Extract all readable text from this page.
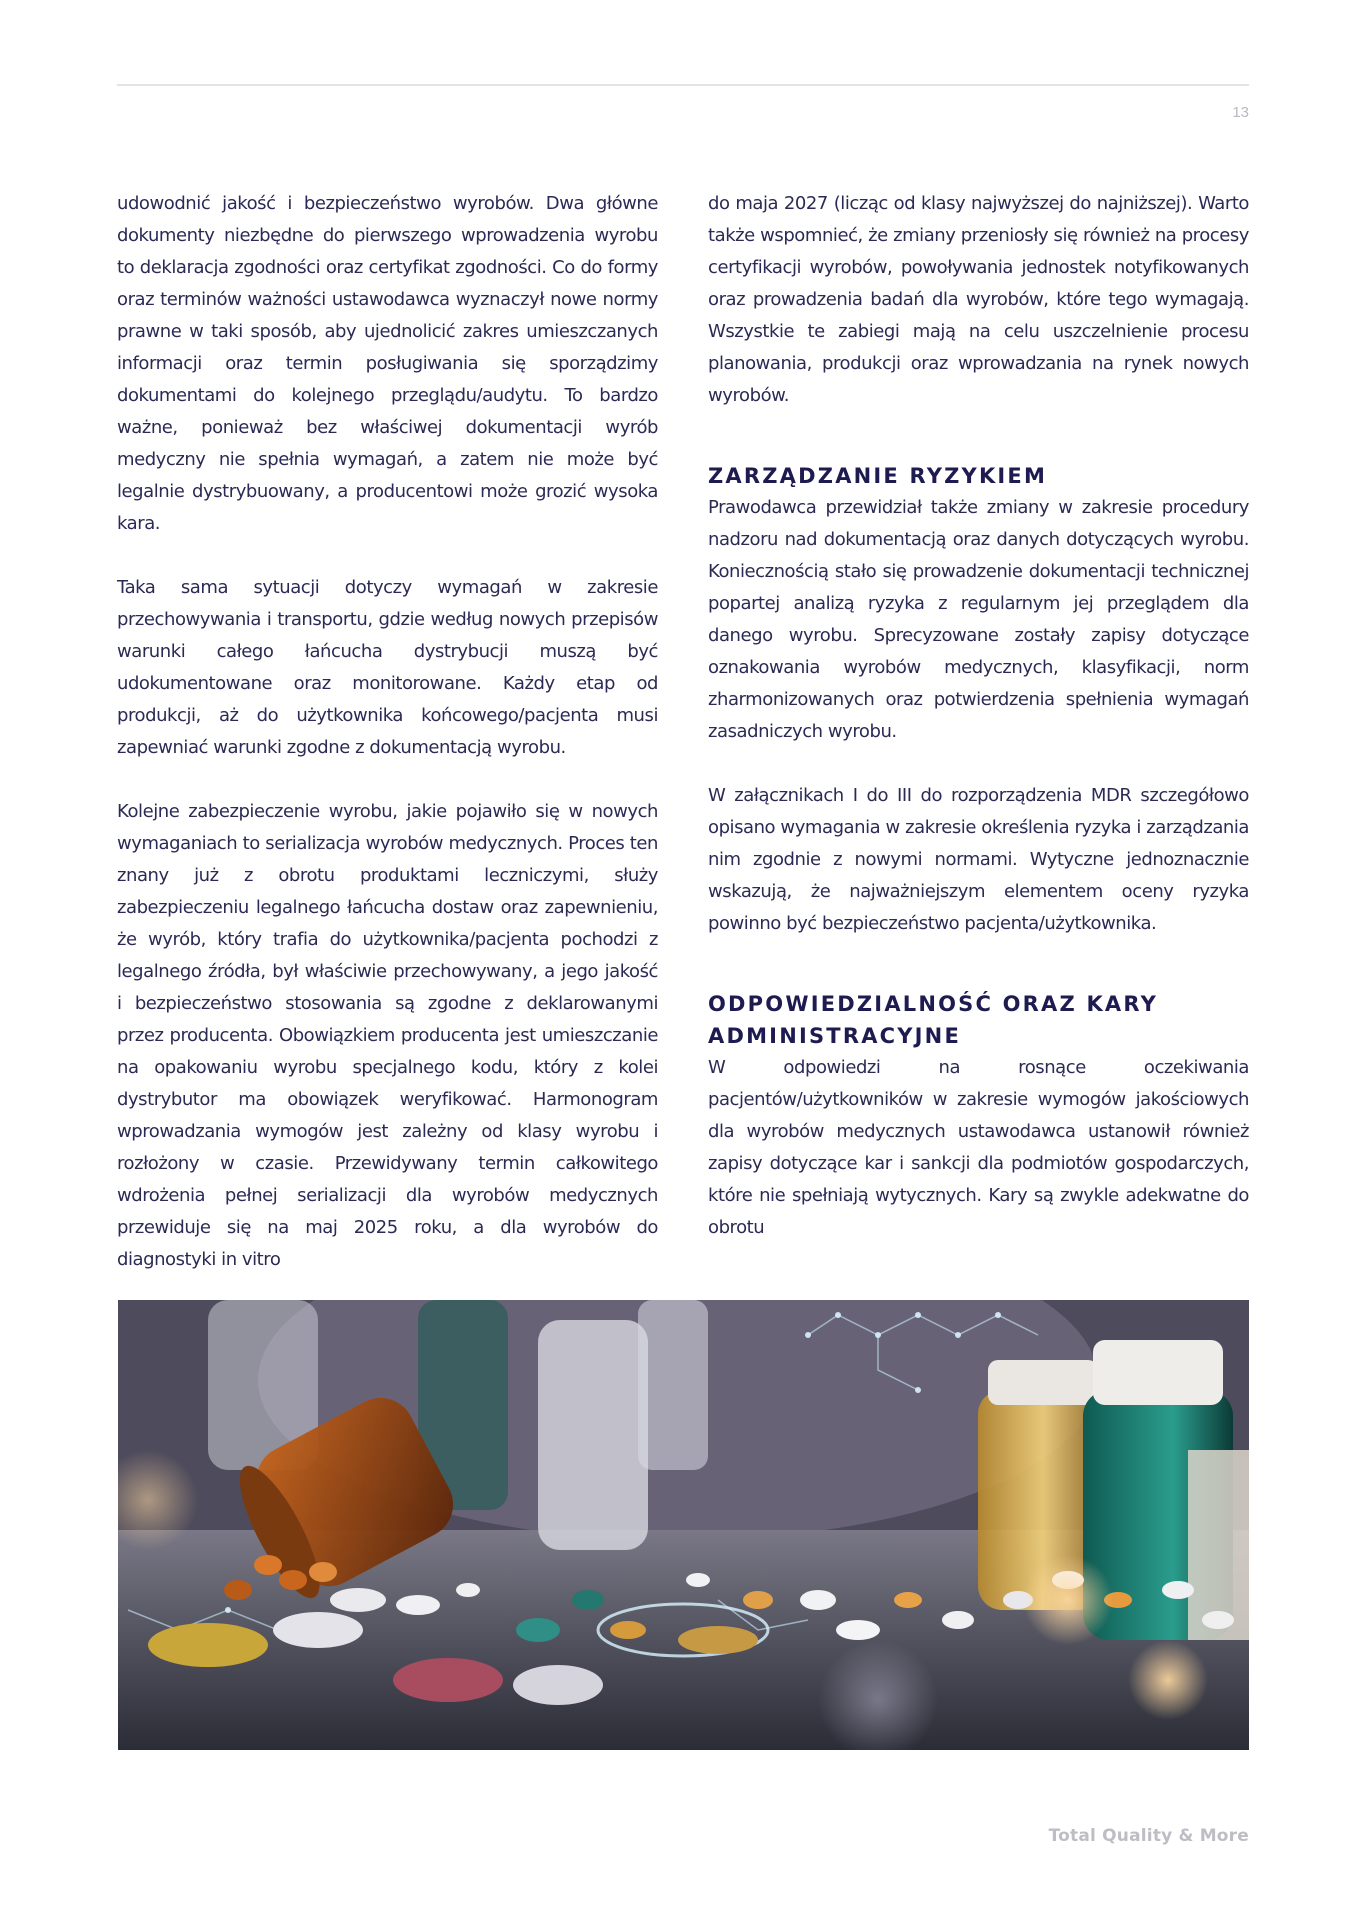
13

udowodnić jakość i bezpieczeństwo wyrobów. Dwa główne dokumenty niezbędne do pierwszego wprowadzenia wyrobu to deklaracja zgodności oraz certyfikat zgodności. Co do formy oraz terminów ważności ustawodawca wyznaczył nowe normy prawne w taki sposób, aby ujednolicić zakres umieszczanych informacji oraz termin posługiwania się sporządzimy dokumentami do kolejnego przeglądu/audytu. To bardzo ważne, ponieważ bez właściwej dokumentacji wyrób medyczny nie spełnia wymagań, a zatem nie może być legalnie dystrybuowany, a producentowi może grozić wysoka kara.

Taka sama sytuacji dotyczy wymagań w zakresie przechowywania i transportu, gdzie według nowych przepisów warunki całego łańcucha dystrybucji muszą być udokumentowane oraz monitorowane. Każdy etap od produkcji, aż do użytkownika końcowego/pacjenta musi zapewniać warunki zgodne z dokumentacją wyrobu.

Kolejne zabezpieczenie wyrobu, jakie pojawiło się w nowych wymaganiach to serializacja wyrobów medycznych. Proces ten znany już z obrotu produktami leczniczymi, służy zabezpieczeniu legalnego łańcucha dostaw oraz zapewnieniu, że wyrób, który trafia do użytkownika/pacjenta pochodzi z legalnego źródła, był właściwie przechowywany, a jego jakość i bezpieczeństwo stosowania są zgodne z deklarowanymi przez producenta. Obowiązkiem producenta jest umieszczanie na opakowaniu wyrobu specjalnego kodu, który z kolei dystrybutor ma obowiązek weryfikować. Harmonogram wprowadzania wymogów jest zależny od klasy wyrobu i rozłożony w czasie. Przewidywany termin całkowitego wdrożenia pełnej serializacji dla wyrobów medycznych przewiduje się na maj 2025 roku, a dla wyrobów do diagnostyki in vitro

do maja 2027 (licząc od klasy najwyższej do najniższej). Warto także wspomnieć, że zmiany przeniosły się również na procesy certyfikacji wyrobów, powoływania jednostek notyfikowanych oraz prowadzenia badań dla wyrobów, które tego wymagają. Wszystkie te zabiegi mają na celu uszczelnienie procesu planowania, produkcji oraz wprowadzania na rynek nowych wyrobów.

ZARZĄDZANIE RYZYKIEM

Prawodawca przewidział także zmiany w zakresie procedury nadzoru nad dokumentacją oraz danych dotyczących wyrobu. Koniecznością stało się prowadzenie dokumentacji technicznej popartej analizą ryzyka z regularnym jej przeglądem dla danego wyrobu. Sprecyzowane zostały zapisy dotyczące oznakowania wyrobów medycznych, klasyfikacji, norm zharmonizowanych oraz potwierdzenia spełnienia wymagań zasadniczych wyrobu.

W załącznikach I do III do rozporządzenia MDR szczegółowo opisano wymagania w zakresie określenia ryzyka i zarządzania nim zgodnie z nowymi normami. Wytyczne jednoznacznie wskazują, że najważniejszym elementem oceny ryzyka powinno być bezpieczeństwo pacjenta/użytkownika.

ODPOWIEDZIALNOŚĆ ORAZ KARY ADMINISTRACYJNE

W odpowiedzi na rosnące oczekiwania pacjentów/użytkowników w zakresie wymogów jakościowych dla wyrobów medycznych ustawodawca ustanowił również zapisy dotyczące kar i sankcji dla podmiotów gospodarczych, które nie spełniają wytycznych. Kary są zwykle adekwatne do obrotu

Total Quality & More
